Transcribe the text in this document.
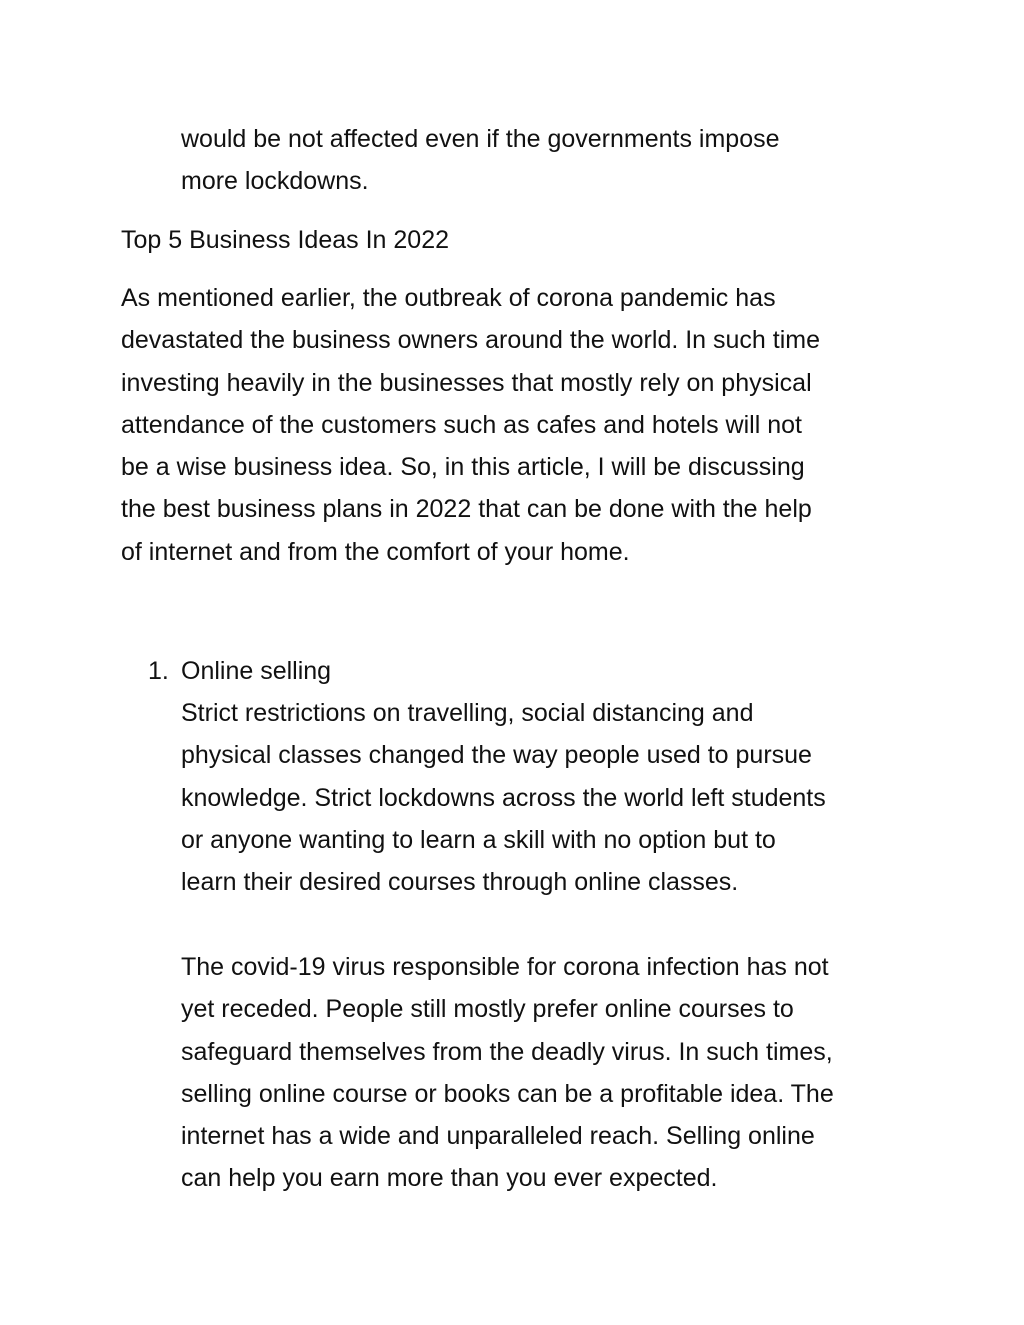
would be not affected even if the governments impose
more lockdowns.
Top 5 Business Ideas In 2022
As mentioned earlier, the outbreak of corona pandemic has
devastated the business owners around the world. In such time
investing heavily in the businesses that mostly rely on physical
attendance of the customers such as cafes and hotels will not
be a wise business idea. So, in this article, I will be discussing
the best business plans in 2022 that can be done with the help
of internet and from the comfort of your home.
1. Online selling
Strict restrictions on travelling, social distancing and
physical classes changed the way people used to pursue
knowledge. Strict lockdowns across the world left students
or anyone wanting to learn a skill with no option but to
learn their desired courses through online classes.
The covid-19 virus responsible for corona infection has not
yet receded. People still mostly prefer online courses to
safeguard themselves from the deadly virus. In such times,
selling online course or books can be a profitable idea. The
internet has a wide and unparalleled reach. Selling online
can help you earn more than you ever expected.
